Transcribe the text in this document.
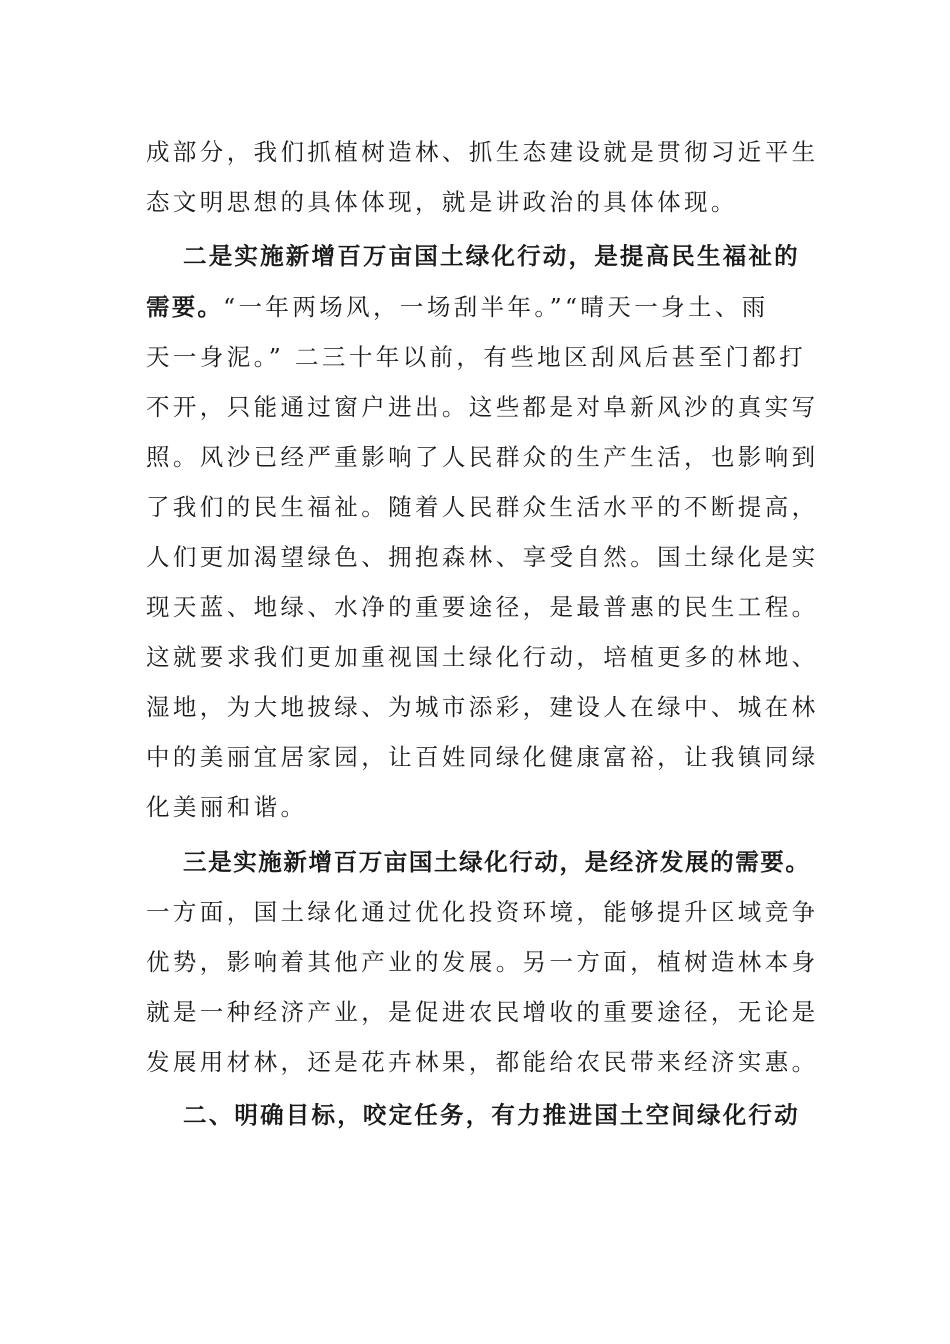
成部分，我们抓植树造林、抓生态建设就是贯彻习近平生
态文明思想的具体体现，就是讲政治的具体体现。
二是实施新增百万亩国土绿化行动，是提高民生福祉的
需要。“一年两场风，一场刮半年。”“晴天一身土、雨
天一身泥。” 二三十年以前，有些地区刮风后甚至门都打
不开，只能通过窗户进出。这些都是对阜新风沙的真实写
照。风沙已经严重影响了人民群众的生产生活，也影响到
了我们的民生福祉。随着人民群众生活水平的不断提高，
人们更加渴望绿色、拥抱森林、享受自然。国土绿化是实
现天蓝、地绿、水净的重要途径，是最普惠的民生工程。
这就要求我们更加重视国土绿化行动，培植更多的林地、
湿地，为大地披绿、为城市添彩，建设人在绿中、城在林
中的美丽宜居家园，让百姓同绿化健康富裕，让我镇同绿
化美丽和谐。
三是实施新增百万亩国土绿化行动，是经济发展的需要。
一方面，国土绿化通过优化投资环境，能够提升区域竞争
优势，影响着其他产业的发展。另一方面，植树造林本身
就是一种经济产业，是促进农民增收的重要途径，无论是
发展用材林，还是花卉林果，都能给农民带来经济实惠。
二、明确目标，咬定任务，有力推进国土空间绿化行动
